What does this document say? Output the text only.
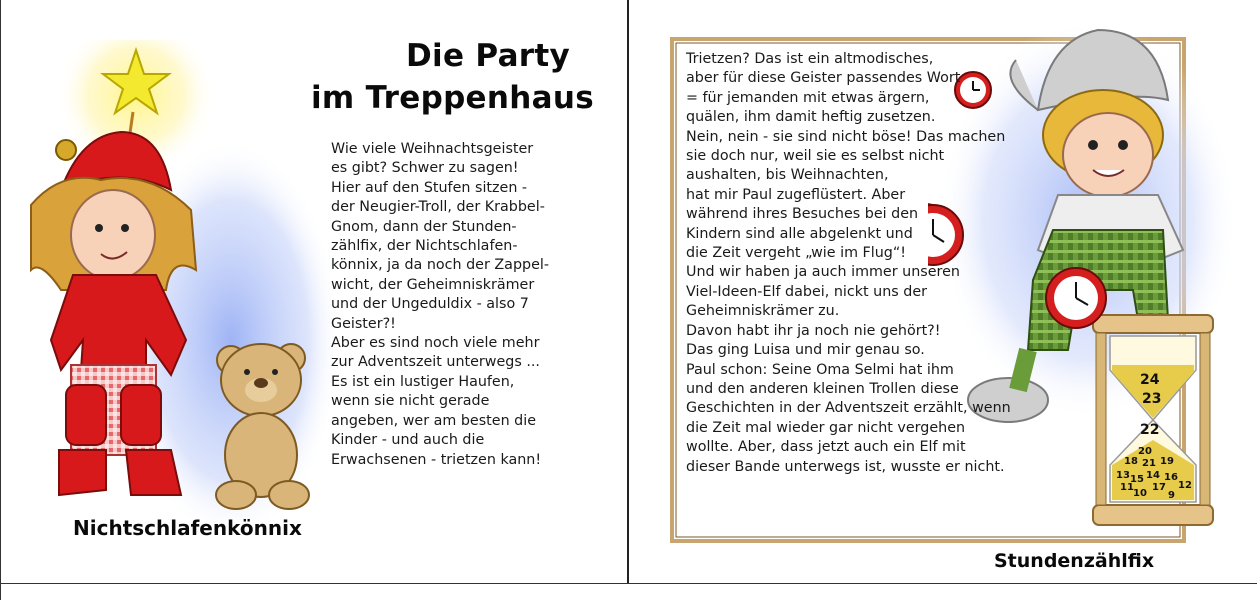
Die Party
im Treppenhaus
Wie viele Weihnachtsgeister
es gibt? Schwer zu sagen!
Hier auf den Stufen sitzen -
der Neugier-Troll, der Krabbel-
Gnom, dann der Stunden-
zählfix, der Nichtschlafen-
könnix, ja da noch der Zappel-
wicht, der Geheimniskrämer
und der Ungeduldix - also 7
Geister?!
Aber es sind noch viele mehr
zur Adventszeit unterwegs ...
Es ist ein lustiger Haufen,
wenn sie nicht gerade
angeben, wer am besten die
Kinder - und auch die
Erwachsenen - trietzen kann!
Nichtschlafenkönnix
24
23
22
20
18 19
21
13 14 16
15
17 12
11
10 9
Trietzen? Das ist ein altmodisches,
aber für diese Geister passendes Wort
= für jemanden mit etwas ärgern,
quälen, ihm damit heftig zusetzen.
Nein, nein - sie sind nicht böse! Das machen
sie doch nur, weil sie es selbst nicht
aushalten, bis Weihnachten,
hat mir Paul zugeflüstert. Aber
während ihres Besuches bei den
Kindern sind alle abgelenkt und
die Zeit vergeht „wie im Flug“!
Und wir haben ja auch immer unseren
Viel-Ideen-Elf dabei, nickt uns der
Geheimniskrämer zu.
Davon habt ihr ja noch nie gehört?!
Das ging Luisa und mir genau so.
Paul schon: Seine Oma Selmi hat ihm
und den anderen kleinen Trollen diese
Geschichten in der Adventszeit erzählt, wenn
die Zeit mal wieder gar nicht vergehen
wollte. Aber, dass jetzt auch ein Elf mit
dieser Bande unterwegs ist, wusste er nicht.
Stundenzählfix
